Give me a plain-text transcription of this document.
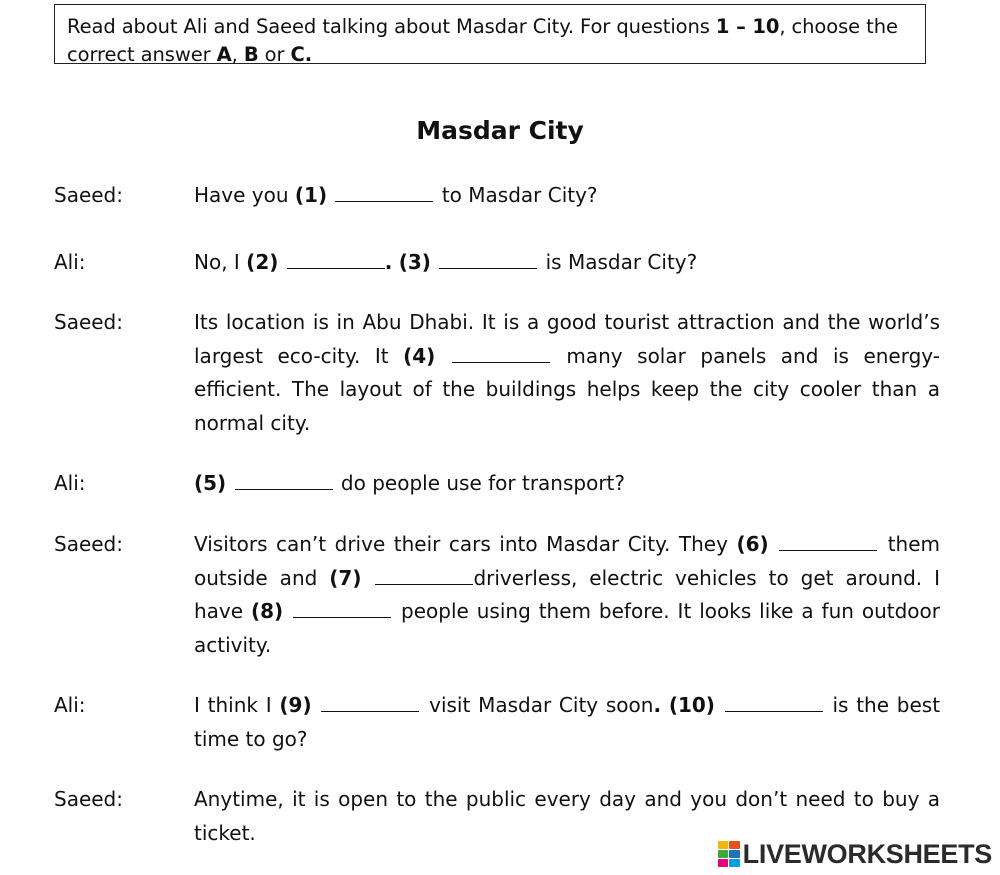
Read about Ali and Saeed talking about Masdar City. For questions 1 – 10, choose the correct answer A, B or C.
Masdar City
Saeed:	Have you (1)	to Masdar City?
Ali:	No, I (2)	. (3)	is Masdar City?
Saeed:	Its location is in Abu Dhabi. It is a good tourist attraction and the world’s largest eco-city. It (4)	many solar panels and is energy- efficient. The layout of the buildings helps keep the city cooler than a normal city.
Ali:	(5)	do people use for transport?
Saeed:	Visitors can’t drive their cars into Masdar City. They (6)	them outside and (7)	driverless, electric vehicles to get around. I have (8)	people using them before. It looks like a fun outdoor activity.
Ali:	I think I (9)	visit Masdar City soon. (10)	is the best time to go?
Saeed:	Anytime, it is open to the public every day and you don’t need to buy a ticket.
LIVEWORKSHEETS
